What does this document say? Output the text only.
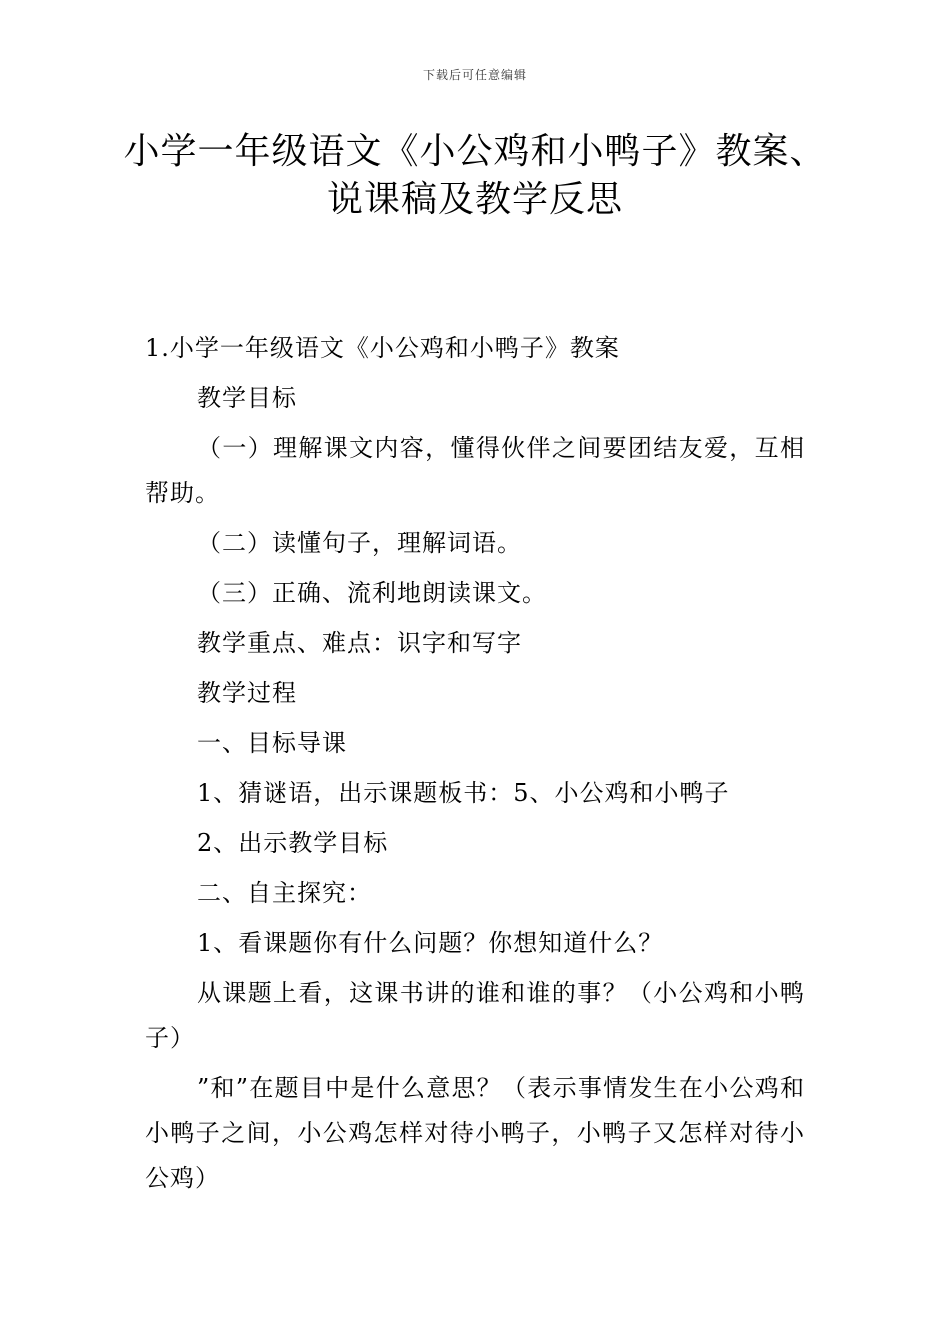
下载后可任意编辑
小学一年级语文《小公鸡和小鸭子》教案、
说课稿及教学反思

1.小学一年级语文《小公鸡和小鸭子》教案

教学目标

（一）理解课文内容，懂得伙伴之间要团结友爱，互相帮助。

（二）读懂句子，理解词语。

（三）正确、流利地朗读课文。

教学重点、难点：识字和写字

教学过程

一、目标导课

1、猜谜语，出示课题板书：5、小公鸡和小鸭子

2、出示教学目标

二、自主探究：

1、看课题你有什么问题？你想知道什么？

从课题上看，这课书讲的谁和谁的事？（小公鸡和小鸭子）

”和”在题目中是什么意思？（表示事情发生在小公鸡和小鸭子之间，小公鸡怎样对待小鸭子，小鸭子又怎样对待小公鸡）
